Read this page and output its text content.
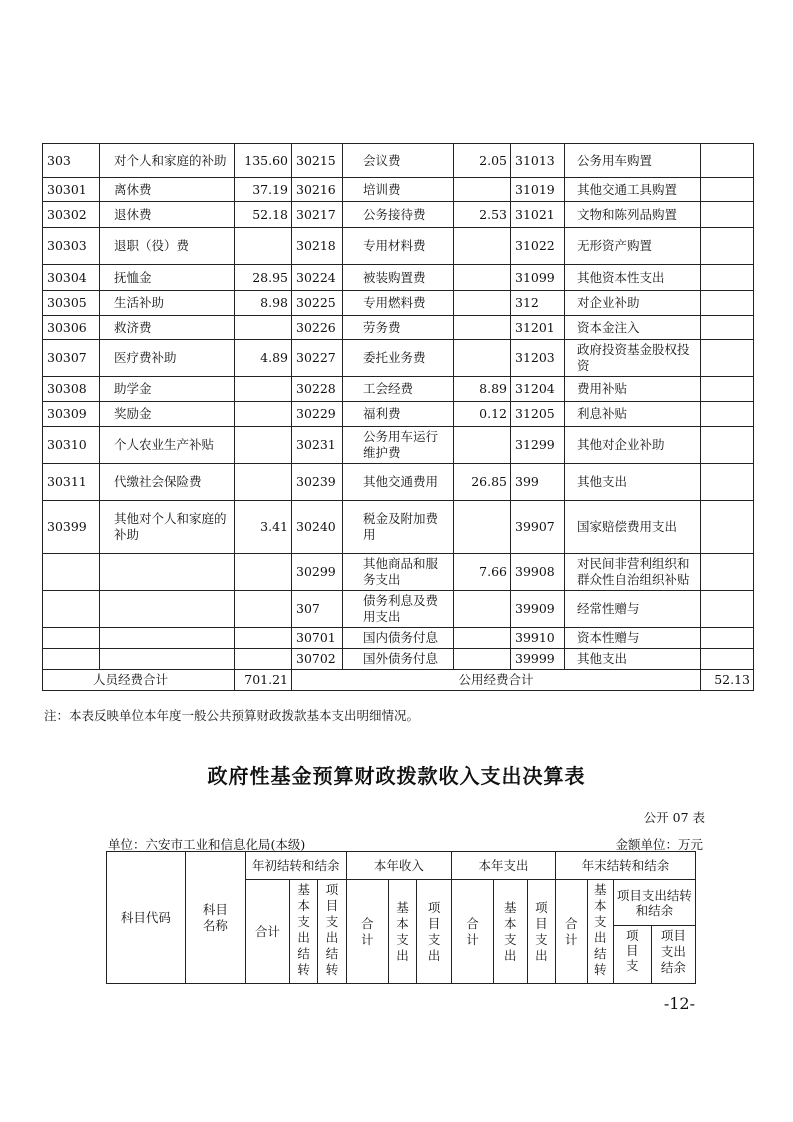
303	对个人和家庭的补助	135.60	30215	会议费	2.05	31013	公务用车购置	
30301	离休费	37.19	30216	培训费		31019	其他交通工具购置	
30302	退休费	52.18	30217	公务接待费	2.53	31021	文物和陈列品购置	
30303	退职（役）费		30218	专用材料费		31022	无形资产购置	
30304	抚恤金	28.95	30224	被装购置费		31099	其他资本性支出	
30305	生活补助	8.98	30225	专用燃料费		312	对企业补助	
30306	救济费		30226	劳务费		31201	资本金注入	
30307	医疗费补助	4.89	30227	委托业务费		31203	政府投资基金股权投资	
30308	助学金		30228	工会经费	8.89	31204	费用补贴	
30309	奖励金		30229	福利费	0.12	31205	利息补贴	
30310	个人农业生产补贴		30231	公务用车运行维护费		31299	其他对企业补助	
30311	代缴社会保险费		30239	其他交通费用	26.85	399	其他支出	
30399	其他对个人和家庭的补助	3.41	30240	税金及附加费用		39907	国家赔偿费用支出	
			30299	其他商品和服务支出	7.66	39908	对民间非营利组织和群众性自治组织补贴	
			307	债务利息及费用支出		39909	经常性赠与	
			30701	国内债务付息		39910	资本性赠与	
			30702	国外债务付息		39999	其他支出	
人员经费合计		701.21	公用经费合计					52.13
注：本表反映单位本年度一般公共预算财政拨款基本支出明细情况。
政府性基金预算财政拨款收入支出决算表
公开 07 表
单位：六安市工业和信息化局(本级)	金额单位：万元
科目代码	科目名称	年初结转和结余			本年收入			本年支出			年末结转和结余			
		合计	基本支出结转	项目支出结转	合计	基本支出	项目支出	合计	基本支出	项目支出	合计	基本支出结转	项目支出结转和结余	
													项目支	项目支出结余
-12-
